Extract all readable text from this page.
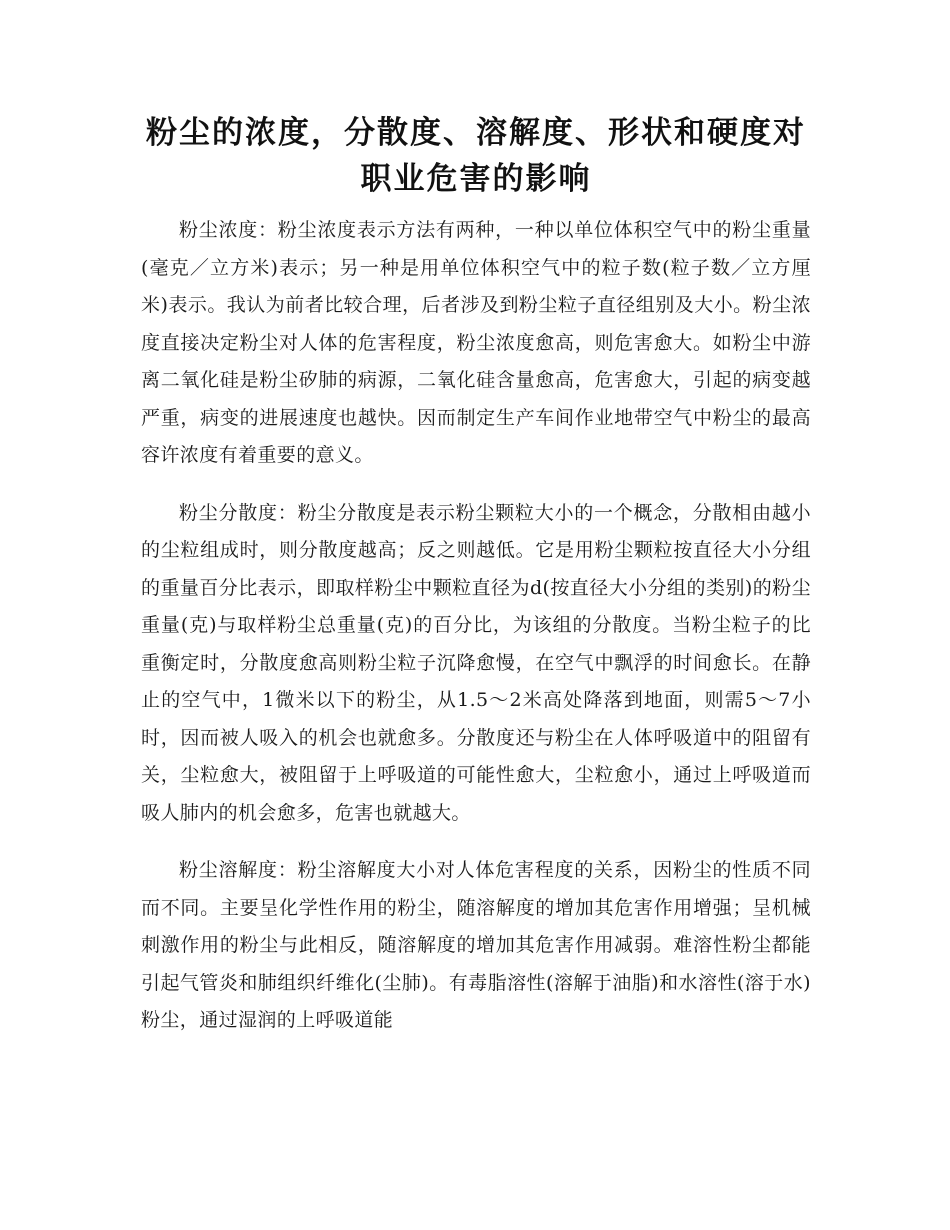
粉尘的浓度，分散度、溶解度、形状和硬度对职业危害的影响

粉尘浓度：粉尘浓度表示方法有两种，一种以单位体积空气中的粉尘重量(毫克／立方米)表示；另一种是用单位体积空气中的粒子数(粒子数／立方厘米)表示。我认为前者比较合理，后者涉及到粉尘粒子直径组别及大小。粉尘浓度直接决定粉尘对人体的危害程度，粉尘浓度愈高，则危害愈大。如粉尘中游离二氧化硅是粉尘矽肺的病源，二氧化硅含量愈高，危害愈大，引起的病变越严重，病变的进展速度也越快。因而制定生产车间作业地带空气中粉尘的最高容许浓度有着重要的意义。

粉尘分散度：粉尘分散度是表示粉尘颗粒大小的一个概念，分散相由越小的尘粒组成时，则分散度越高；反之则越低。它是用粉尘颗粒按直径大小分组的重量百分比表示，即取样粉尘中颗粒直径为d(按直径大小分组的类别)的粉尘重量(克)与取样粉尘总重量(克)的百分比，为该组的分散度。当粉尘粒子的比重衡定时，分散度愈高则粉尘粒子沉降愈慢，在空气中飘浮的时间愈长。在静止的空气中，1微米以下的粉尘，从1.5～2米高处降落到地面，则需5～7小时，因而被人吸入的机会也就愈多。分散度还与粉尘在人体呼吸道中的阻留有关，尘粒愈大，被阻留于上呼吸道的可能性愈大，尘粒愈小，通过上呼吸道而吸人肺内的机会愈多，危害也就越大。

粉尘溶解度：粉尘溶解度大小对人体危害程度的关系，因粉尘的性质不同而不同。主要呈化学性作用的粉尘，随溶解度的增加其危害作用增强；呈机械刺激作用的粉尘与此相反，随溶解度的增加其危害作用减弱。难溶性粉尘都能引起气管炎和肺组织纤维化(尘肺)。有毒脂溶性(溶解于油脂)和水溶性(溶于水)粉尘，通过湿润的上呼吸道能
